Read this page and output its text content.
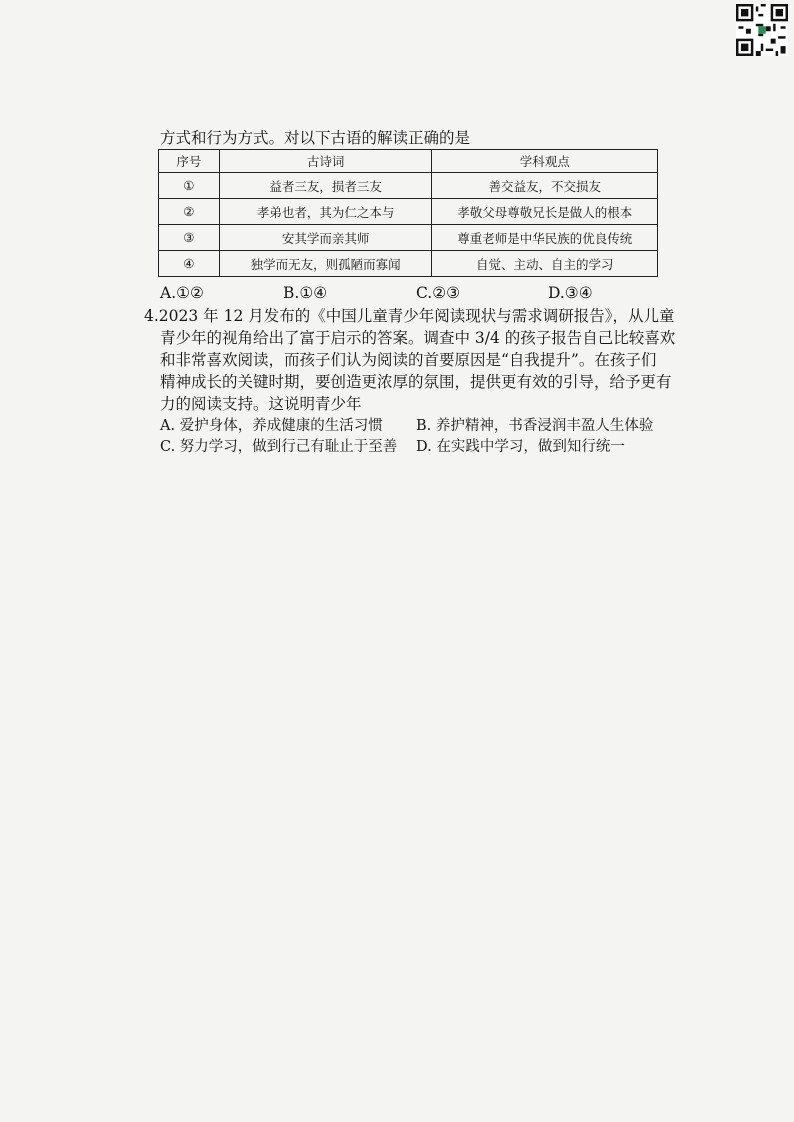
方式和行为方式。对以下古语的解读正确的是
序号	古诗词	学科观点
①	益者三友，损者三友	善交益友，不交损友
②	孝弟也者，其为仁之本与	孝敬父母尊敬兄长是做人的根本
③	安其学而亲其师	尊重老师是中华民族的优良传统
④	独学而无友，则孤陋而寡闻	自觉、主动、自主的学习
A.①②	B.①④	C.②③	D.③④
4.2023 年 12 月发布的《中国儿童青少年阅读现状与需求调研报告》，从儿童
青少年的视角给出了富于启示的答案。调查中 3/4 的孩子报告自己比较喜欢
和非常喜欢阅读，而孩子们认为阅读的首要原因是“自我提升”。在孩子们
精神成长的关键时期，要创造更浓厚的氛围，提供更有效的引导，给予更有
力的阅读支持。这说明青少年
A. 爱护身体，养成健康的生活习惯 B. 养护精神，书香浸润丰盈人生体验
C. 努力学习，做到行己有耻止于至善 D. 在实践中学习，做到知行统一
